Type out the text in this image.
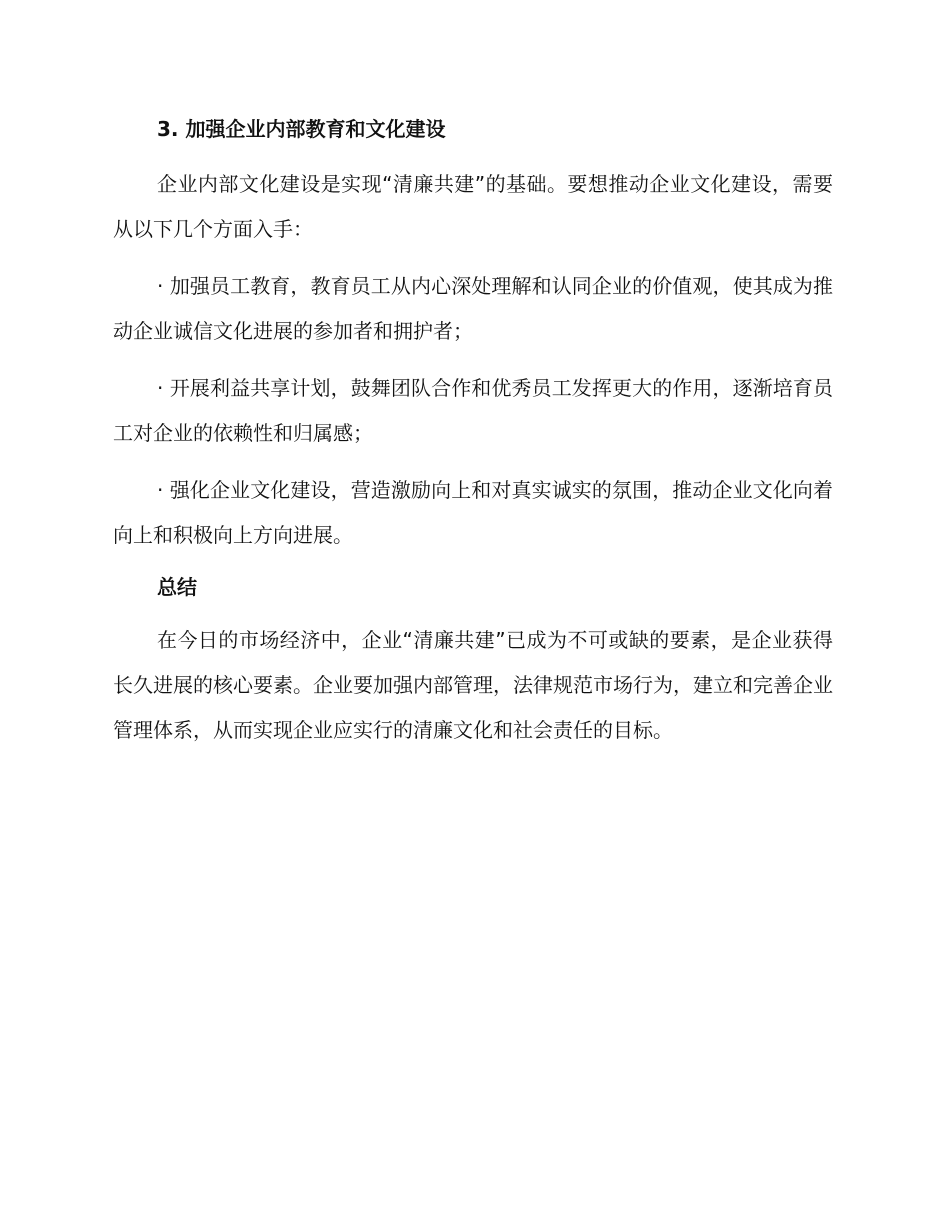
3. 加强企业内部教育和文化建设

企业内部文化建设是实现“清廉共建”的基础。要想推动企业文化建设，需要从以下几个方面入手：

· 加强员工教育，教育员工从内心深处理解和认同企业的价值观，使其成为推动企业诚信文化进展的参加者和拥护者；

· 开展利益共享计划，鼓舞团队合作和优秀员工发挥更大的作用，逐渐培育员工对企业的依赖性和归属感；

· 强化企业文化建设，营造激励向上和对真实诚实的氛围，推动企业文化向着向上和积极向上方向进展。

总结

在今日的市场经济中，企业“清廉共建”已成为不可或缺的要素，是企业获得长久进展的核心要素。企业要加强内部管理，法律规范市场行为，建立和完善企业管理体系，从而实现企业应实行的清廉文化和社会责任的目标。
